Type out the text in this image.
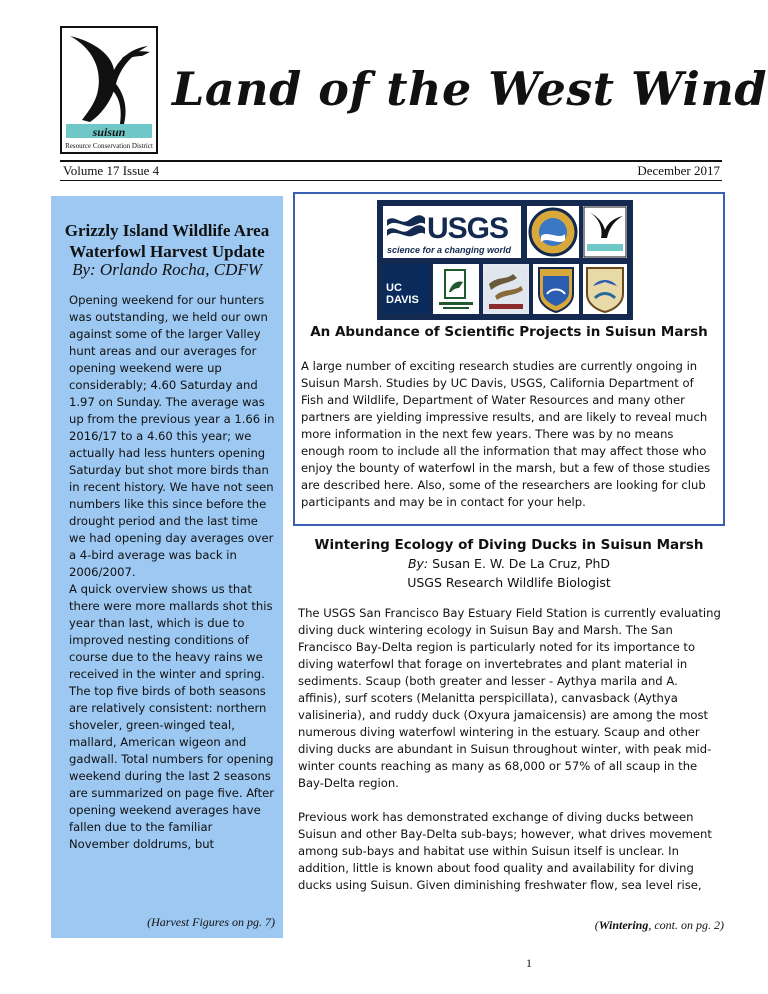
suisun
Resource Conservation District
Land of the West Wind
Volume 17 Issue 4	December 2017
Grizzly Island Wildlife Area
Waterfowl Harvest Update
By: Orlando Rocha, CDFW

Opening weekend for our hunters was outstanding, we held our own against some of the larger Valley hunt areas and our averages for opening weekend were up considerably; 4.60 Saturday and 1.97 on Sunday. The average was up from the previous year a 1.66 in 2016/17 to a 4.60 this year; we actually had less hunters opening Saturday but shot more birds than in recent history. We have not seen numbers like this since before the drought period and the last time we had opening day averages over a 4-bird average was back in 2006/2007.

A quick overview shows us that there were more mallards shot this year than last, which is due to improved nesting conditions of course due to the heavy rains we received in the winter and spring. The top five birds of both seasons are relatively consistent: northern shoveler, green-winged teal, mallard, American wigeon and gadwall. Total numbers for opening weekend during the last 2 seasons are summarized on page five. After opening weekend averages have fallen due to the familiar November doldrums, but

(Harvest Figures on pg. 7)
USGS
science for a changing world
UC DAVIS
An Abundance of Scientific Projects in Suisun Marsh
A large number of exciting research studies are currently ongoing in Suisun Marsh. Studies by UC Davis, USGS, California Department of Fish and Wildlife, Department of Water Resources and many other partners are yielding impressive results, and are likely to reveal much more information in the next few years. There was by no means enough room to include all the information that may affect those who enjoy the bounty of waterfowl in the marsh, but a few of those studies are described here. Also, some of the researchers are looking for club participants and may be in contact for your help.
Wintering Ecology of Diving Ducks in Suisun Marsh
By: Susan E. W. De La Cruz, PhD
USGS Research Wildlife Biologist

The USGS San Francisco Bay Estuary Field Station is currently evaluating diving duck wintering ecology in Suisun Bay and Marsh. The San Francisco Bay-Delta region is particularly noted for its importance to diving waterfowl that forage on invertebrates and plant material in sediments. Scaup (both greater and lesser - Aythya marila and A. affinis), surf scoters (Melanitta perspicillata), canvasback (Aythya valisineria), and ruddy duck (Oxyura jamaicensis) are among the most numerous diving waterfowl wintering in the estuary. Scaup and other diving ducks are abundant in Suisun throughout winter, with peak mid-winter counts reaching as many as 68,000 or 57% of all scaup in the Bay-Delta region.

Previous work has demonstrated exchange of diving ducks between Suisun and other Bay-Delta sub-bays; however, what drives movement among sub-bays and habitat use within Suisun itself is unclear. In addition, little is known about food quality and availability for diving ducks using Suisun. Given diminishing freshwater flow, sea level rise,

(Wintering, cont. on pg. 2)
1
